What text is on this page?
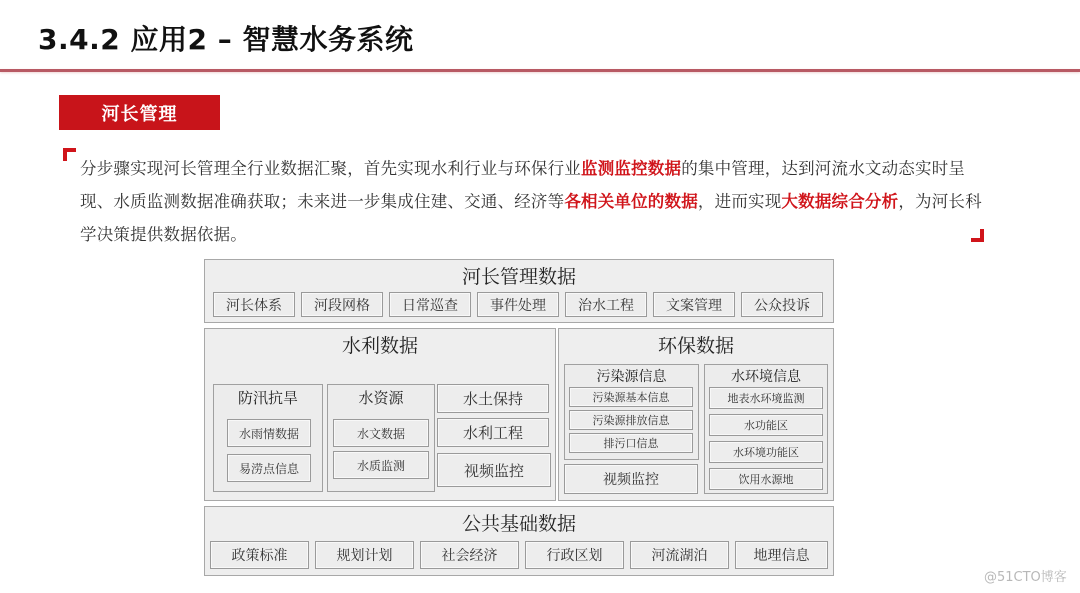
3.4.2 应用2 – 智慧水务系统
河长管理
分步骤实现河长管理全行业数据汇聚，首先实现水利行业与环保行业监测监控数据的集中管理，达到河流水文动态实时呈现、水质监测数据准确获取；未来进一步集成住建、交通、经济等各相关单位的数据，进而实现大数据综合分析，为河长科学决策提供数据依据。
河长管理数据
河长体系	河段网格	日常巡查	事件处理	治水工程	文案管理	公众投诉
水利数据
防汛抗旱
水雨情数据
易涝点信息
水资源
水文数据
水质监测
水土保持
水利工程
视频监控
环保数据
污染源信息
污染源基本信息
污染源排放信息
排污口信息
视频监控
水环境信息
地表水环境监测
水功能区
水环境功能区
饮用水源地
公共基础数据
政策标准	规划计划	社会经济	行政区划	河流湖泊	地理信息
@51CTO博客
